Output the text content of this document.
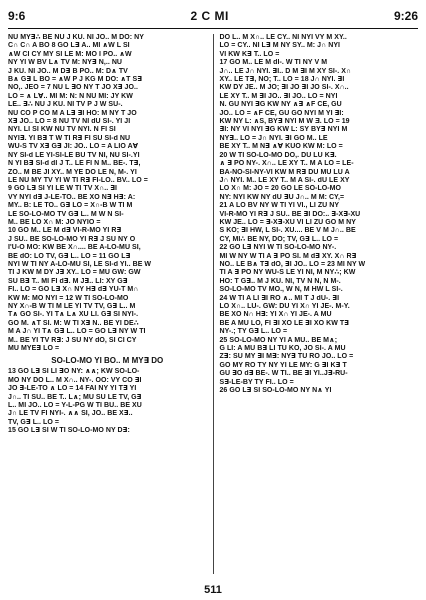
9:6	2 C MI	9:26
NU MY∃∴ BE NU J KU. NI JO.. M DO: NY
C∩ C∩ A BO 8 GO L∃ A.. MI ∧W L SI
∧W CI CY MY SI LE M: MO I PO.. ∧W
NY YI W BV L∧ TV M: NY∃ N,.. NU
J KU. NI JO.. M D∃ B PO.. M: D∧ TV
B∧ G∃ L BO = ∧W P J KG M DO: ∧T S∃
NO,. JEO = 7 NU L ∃O NY T JO X∃ JO..
LO = ∧ L∀.. MI M: N: N NU MI: JY KW
LE.. ∃∴ NU J KU. NI TV P J W SU-.
NU CO P CO M A L∃ ∃I HO: M NY T JO
X∃ JO.. LO = 8 NU TV NI dU SI-. YI JI
NYI. LI SI KW NU TV NYI. N FI SI
NYI∃. YI B∃ T W TI R∃ FI SU SI-d NU
WU-S TV X∃ G∃ JI: JO.. LO = A LIO A∀
NY SI-d LE YI-SI-LE BU TV NI, NU SI-.YI
N YI B∃ SI-d dI J T.. LE FI N M.. BE-. T∃,
ZO.. M BE JI XY.. M YE DO LE N, M-. YI
LE NU MY TV YI W TI R∃ FI-LO.. BV.. LO =
9 GO L∃ SI YI LE W TI TV X∩.. ∃I
VY NYI d∃ J-LE-TO.. BE XO N∃ H∃: A:
MY.. B: LE TO.. G∃ LO = X∩-B W TI M
LE SO-LO-MO TV G∃ L.. M W N SI-
M.. BE LO X∩ M: JO NYIO =
10 GO M.. LE M d∃ VI-R-MO YI R∃
J SU.. BE SO-LO-MO YI R∃ J SU NY O
I'U-O MO: KW BE X∩.... BE A-LO-MU SI,
BE dO: LO TV, G∃ L.. LO = 11 GO L∃
NYI W TI NY A-LO-MU SI, LE SI-d YI.. BE W
TI J KW M DY J∃ XY.. LO = MU GW: GW
SU B∃ T.. MI FI d∃. M J∃.. LI: XY G∃
FI.. LO = GO L∃ X∩ NY H∃ d∃ YU-T M∩
KW M: MO NYI = 12 W TI SO-LO-MO
NY X∩-B W TI M LE YI TV TV, G∃ L.. M
T∧ GO SI-. YI T∧ L∧ XU LI. G∃ SI NYI-.
GO M. ∧T SI. M: W TI X∃ N.. BE YI DE∴
M A J∩ YI T∧ G∃ L.. LO = GO L∃ NY W TI
M.. BE YI TV R∃: J SU NY dO, SI CI CY
MU MYE∃ LO =
SO-LO-MO YI BO.. M MY∃ DO
13 GO L∃ SI LI ∃O NY: ∧∧; KW SO-LO-
MO NY DO L.. M X∩.. NY-. OO: VY CO ∃I
JO ∃-LE-TO ∧ LO = 14 FAI NY YI T∃ YI
J∩.. TI SU.. BE T.. L∧; MU SU LE TV, G∃
L.. MI JO.. LO = Y-L-PG W TI BU.. BE XU
J∩ LE TV FI NYI-. ∧∧ SI, JO.. BE X∃..
TV, G∃ L.. LO =
15 GO L∃ SI W TI SO-LO-MO NY D∃:
DO L.. M X∩.. LE CY.. NI NYI VY M XY..
LO = CY.. NI L∃ M NY SY.. M: J∩ NYI
VI KW K∃ T.. LO =
17 GO M.. LE M dI-. W TI NY V M
J∩.. LE J∩ NYI. ∃I.. D M ∃I M XY SI-. X∩
XY.. LE T∃, NO; T.. LO = 18 J∩ NYI. ∃I
KW DY JE.. M JO; ∃I JO ∃I JO SI-. X∩..
LE XY T.. M ∃I JO.. ∃I JO.. LO = NYI
N. GU NYI ∃G KW NY ∧∃ ∧F CE, GU
JO.. LO = ∧F CE, GU GO NYI M YI ∃I:
KW NY L: ∧S, BY∃ NYI M W Ǝ. LO = 19
∃I: NY VI NYI ∃G KW L: SY BY∃ NYI M
NY∃.. LO = J∩ NYI. ∃I GO M.. LE
BE XY T.. M N∃ ∧∀ KUO KW M: LO =
20 W TI SO-LO-MO DO,. DU LU K∃.
∧ ∃ PO NY-. X∩.. LE XY T.. M A LO = LE-
BA-NO-SI-NY-VI KW M R∃ DU MU LU A
J∩ NYI. M.. LE XY T.. M A SI-. dU LE XY
LO X∩ M: JO = 20 GO LE SO-LO-MO
NY: NYI KW NY dU ∃U J∩.. M M: CY,=
21 A LO BV NY W TI YI VI., LI ZU NY
VI-R-MO YI R∃ J SU.. BE ∃I DO:.. ∃-X∃-XU
KW JE.. LO = ∃-X∃-XU VI LI ZU GO M NY
S KO; ∃I HW, L SI-. XU.... BE V M J∩.. BE
CY, MI∴ BE NY, DO; TV, G∃ L.. LO =
22 GO L∃ NYI W TI SO-LO-MO NY-.
MI W NY W TI A ∃ PO SI. M d∃ XY. X∩ R∃
NO.. LE B∧ T∃ dO, ∃I JO.. LO = 23 MI NY W
TI A ∃ PO NY WU-S LE YI NI, M NY∴; KW
HO: T G∃.. M J KU. NI, TV N N, N M-.
SO-LO-MO TV MO., W N, M HW L SI-.
24 W TI A LI ∃I RO ∧.. MI T J dU-. ∃I
LO X∩.. LU-. GW: DU YI X∩ YI JE-. M-Y.
BE XO N∩ H∃: YI X∩ YI JE-. A MU
BE A MU LO, FI ∃I XO LE ∃I XO KW T∃
NY-.; TY G∃ L.. LO =
25 SO-LO-MO NY YI A MU.. BE M∧;
G LI: A MU B∃ LI TU KO, JO SI-. A MU
Z∃: SU MY ∃I M∃: NY∃ TU RO JO.. LO =
GO MY RO TY NY YI LE MY: G ∃I K∃ T
GU ∃O d∃ BE-. W TI.. BE ∃I YI..J∃-RU-
S∃-LE-BY TY FI.. LO =
26 GO L∃ SI SO-LO-MO NY N∧ YI
511
